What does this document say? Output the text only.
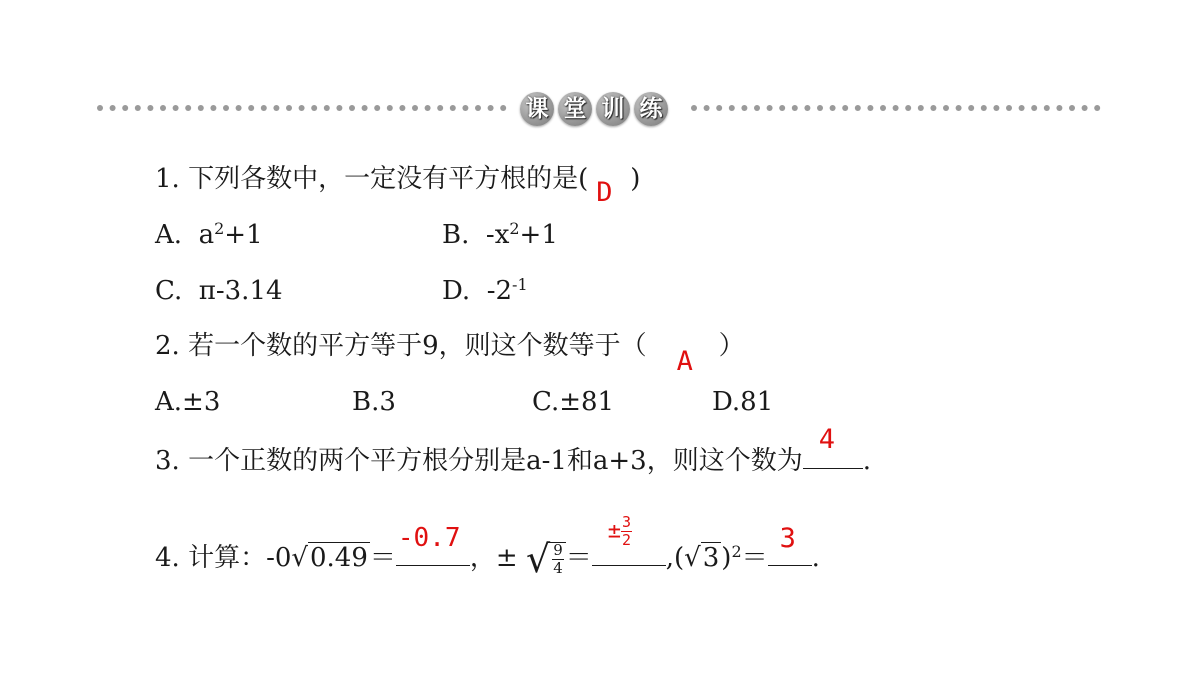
课 堂 训 练
1. 下列各数中，一定没有平方根的是( D )
A. $a^2+1$	B. $-x^2+1$
C. π-3.14	D. $-2^{-1}$
2. 若一个数的平方等于9，则这个数等于（ A ）
A.±3	B.3	C.±81	D.81
3. 一个正数的两个平方根分别是a-1和a+3，则这个数为
4
.
4. 计算：-0√0.49＝
-0.7
，± √ $\frac{9}{4}$ ＝
± $\frac{3}{2}$
$,(√3)^2=$
3
.
